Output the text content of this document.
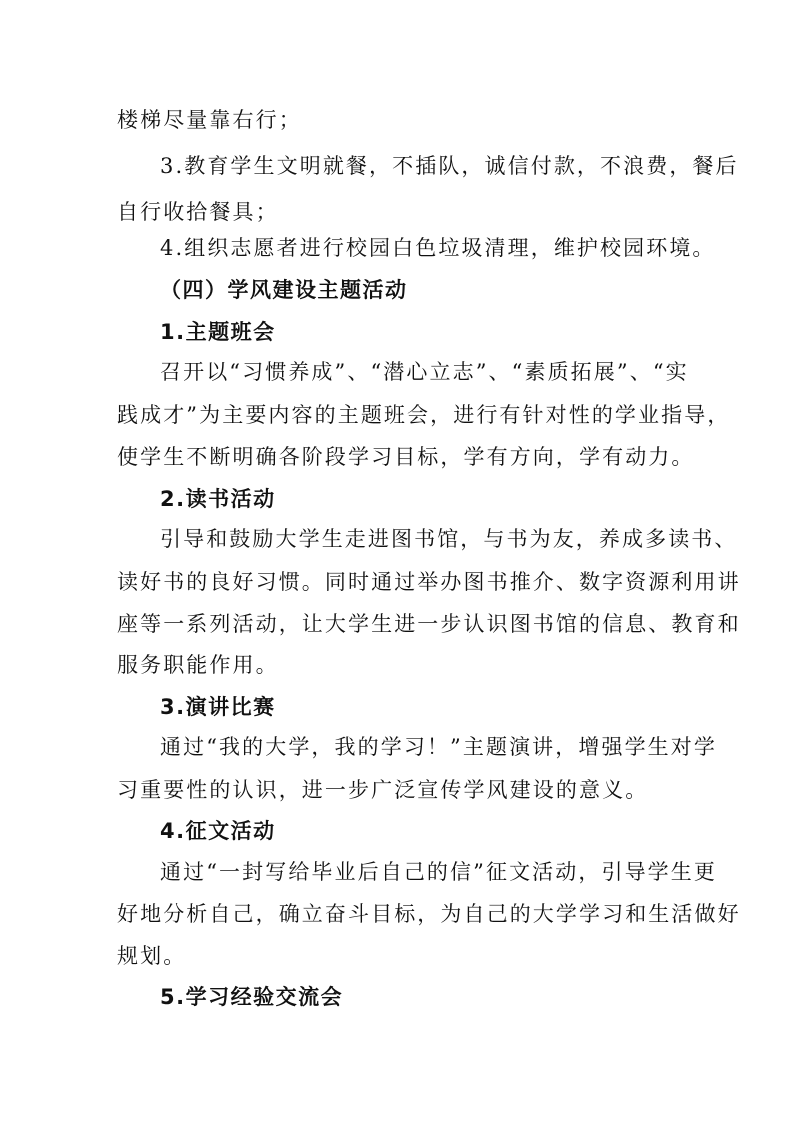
楼梯尽量靠右行；
3.教育学生文明就餐，不插队，诚信付款，不浪费，餐后
自行收拾餐具；
4.组织志愿者进行校园白色垃圾清理，维护校园环境。
（四）学风建设主题活动
1.主题班会
召开以“习惯养成”、“潜心立志”、“素质拓展”、“实
践成才”为主要内容的主题班会，进行有针对性的学业指导，
使学生不断明确各阶段学习目标，学有方向，学有动力。
2.读书活动
引导和鼓励大学生走进图书馆，与书为友，养成多读书、
读好书的良好习惯。同时通过举办图书推介、数字资源利用讲
座等一系列活动，让大学生进一步认识图书馆的信息、教育和
服务职能作用。
3.演讲比赛
通过“我的大学，我的学习！”主题演讲，增强学生对学
习重要性的认识，进一步广泛宣传学风建设的意义。
4.征文活动
通过“一封写给毕业后自己的信”征文活动，引导学生更
好地分析自己，确立奋斗目标，为自己的大学学习和生活做好
规划。
5.学习经验交流会
